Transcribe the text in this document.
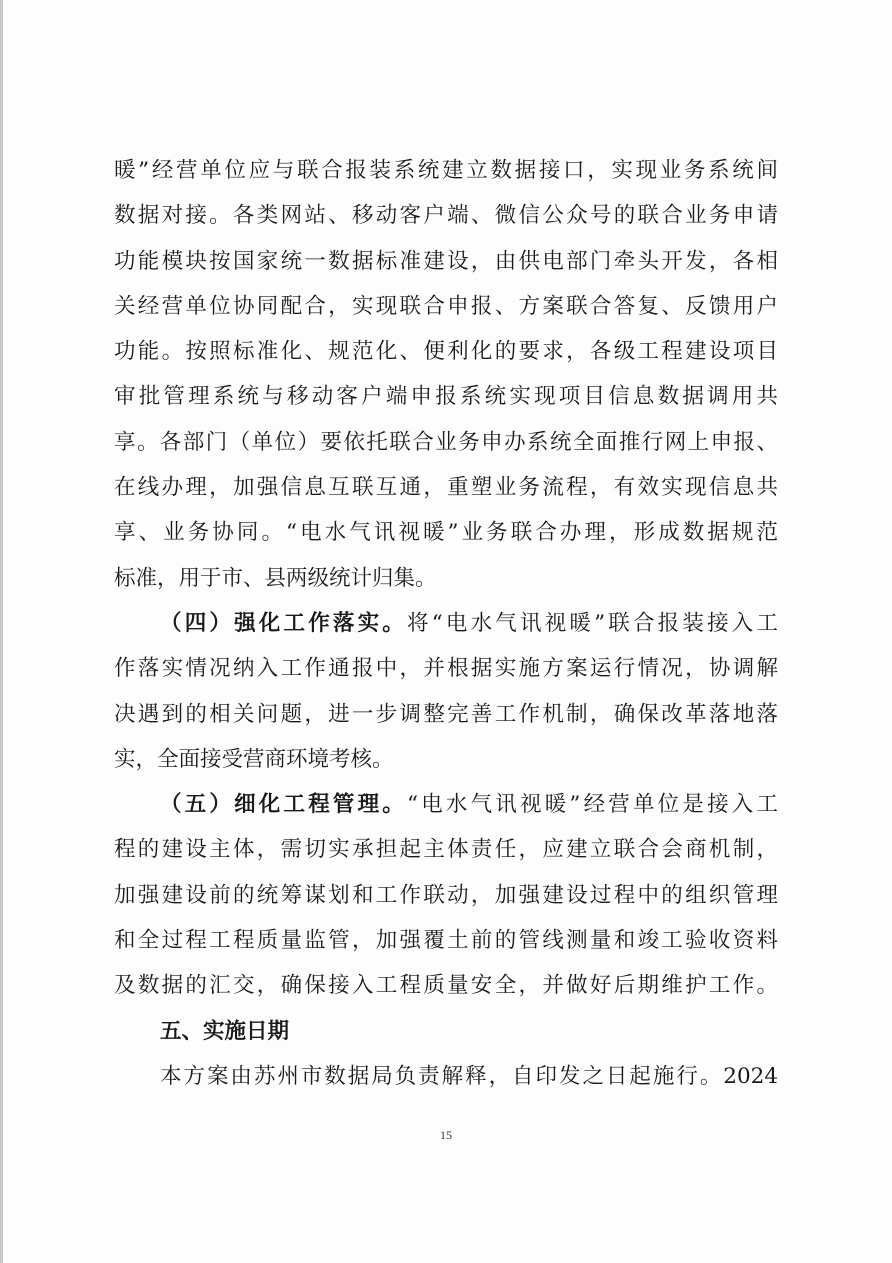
暖”经营单位应与联合报装系统建立数据接口，实现业务系统间
数据对接。各类网站、移动客户端、微信公众号的联合业务申请
功能模块按国家统一数据标准建设，由供电部门牵头开发，各相
关经营单位协同配合，实现联合申报、方案联合答复、反馈用户
功能。按照标准化、规范化、便利化的要求，各级工程建设项目
审批管理系统与移动客户端申报系统实现项目信息数据调用共
享。各部门（单位）要依托联合业务申办系统全面推行网上申报、
在线办理，加强信息互联互通，重塑业务流程，有效实现信息共
享、业务协同。“电水气讯视暖”业务联合办理，形成数据规范
标准，用于市、县两级统计归集。
（四）强化工作落实。将“电水气讯视暖”联合报装接入工
作落实情况纳入工作通报中，并根据实施方案运行情况，协调解
决遇到的相关问题，进一步调整完善工作机制，确保改革落地落
实，全面接受营商环境考核。
（五）细化工程管理。“电水气讯视暖”经营单位是接入工
程的建设主体，需切实承担起主体责任，应建立联合会商机制，
加强建设前的统筹谋划和工作联动，加强建设过程中的组织管理
和全过程工程质量监管，加强覆土前的管线测量和竣工验收资料
及数据的汇交，确保接入工程质量安全，并做好后期维护工作。
五、实施日期
本方案由苏州市数据局负责解释，自印发之日起施行。2024
15
